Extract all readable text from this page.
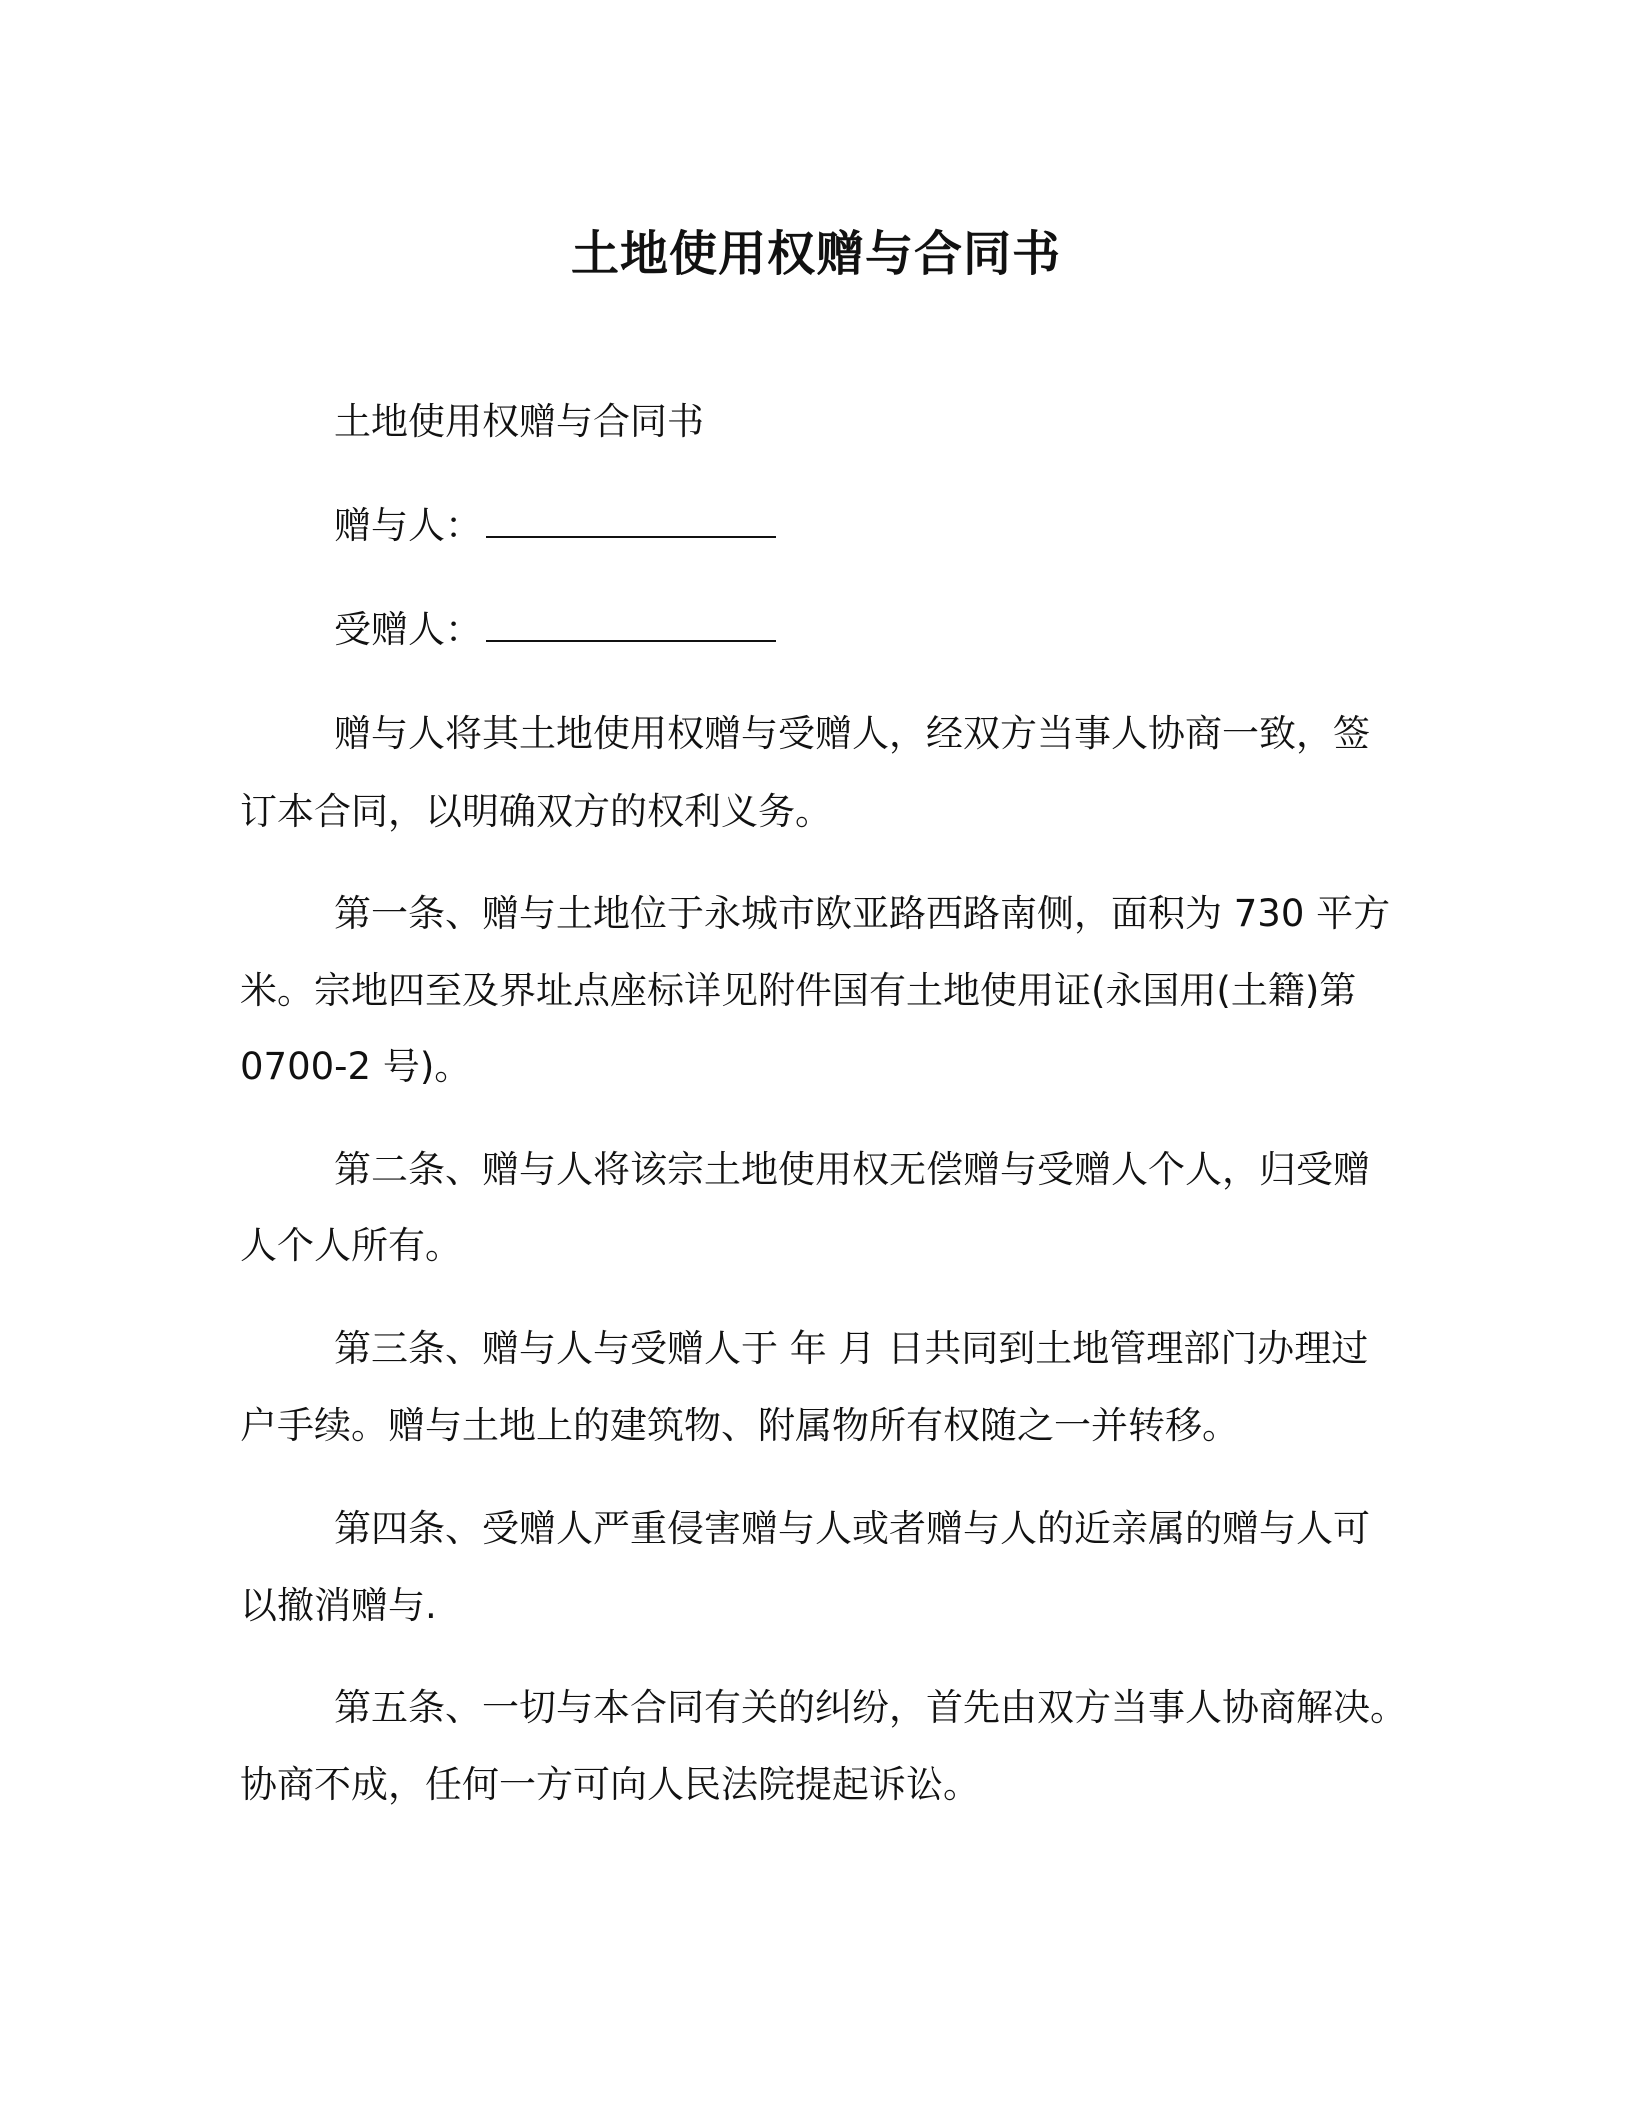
土地使用权赠与合同书
土地使用权赠与合同书
赠与人：
受赠人：
赠与人将其土地使用权赠与受赠人，经双方当事人协商一致，签
订本合同，以明确双方的权利义务。
第一条、赠与土地位于永城市欧亚路西路南侧，面积为 730 平方
米。宗地四至及界址点座标详见附件国有土地使用证(永国用(土籍)第
0700-2 号)。
第二条、赠与人将该宗土地使用权无偿赠与受赠人个人，归受赠
人个人所有。
第三条、赠与人与受赠人于 年 月 日共同到土地管理部门办理过
户手续。赠与土地上的建筑物、附属物所有权随之一并转移。
第四条、受赠人严重侵害赠与人或者赠与人的近亲属的赠与人可
以撤消赠与.
第五条、一切与本合同有关的纠纷，首先由双方当事人协商解决。
协商不成，任何一方可向人民法院提起诉讼。
